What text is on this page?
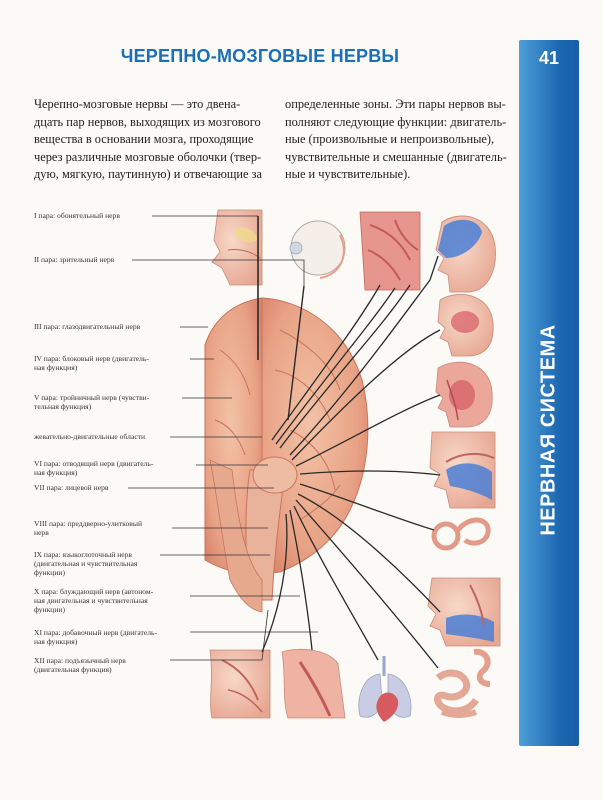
ЧЕРЕПНО-МОЗГОВЫЕ НЕРВЫ	41
НЕРВНАЯ СИСТЕМА
Черепно-мозговые нервы — это двена-
дцать пар нервов, выходящих из мозгового
вещества в основании мозга, проходящие
через различные мозговые оболочки (твер-
дую, мягкую, паутинную) и отвечающие за
определенные зоны. Эти пары нервов вы-
полняют следующие функции: двигатель-
ные (произвольные и непроизвольные),
чувствительные и смешанные (двигатель-
ные и чувствительные).
I пара: обонятельный нерв
II пара: зрительный нерв
III пара: глазодвигательный нерв
IV пара: блоковый нерв (двигатель-
ная функция)
V пара: тройничный нерв (чувстви-
тельная функция)
жевательно-двигательные области
VI пара: отводящий нерв (двигатель-
ная функция)
VII пара: лицевой нерв
VIII пара: преддверно-улитковый
нерв
IX пара: языкоглоточный нерв
(двигательная и чувствительная
функции)
X пара: блуждающий нерв (автоном-
ная двигательная и чувствительная
функции)
XI пара: добавочный нерв (двигатель-
ная функция)
XII пара: подъязычный нерв
(двигательная функция)
